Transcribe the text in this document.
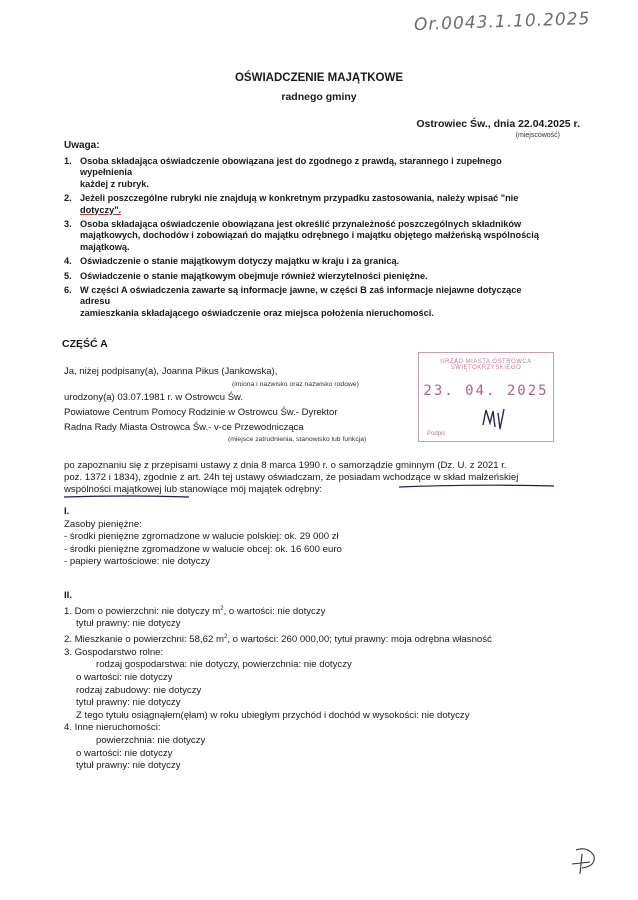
Or.0043.1.10.2025
OŚWIADCZENIE MAJĄTKOWE
radnego gminy
Ostrowiec Św., dnia 22.04.2025 r.
(miejscowość)
Uwaga:
1. Osoba składająca oświadczenie obowiązana jest do zgodnego z prawdą, starannego i zupełnego
wypełnienia
każdej z rubryk.
2. Jeżeli poszczególne rubryki nie znajdują w konkretnym przypadku zastosowania, należy wpisać "nie
dotyczy".
3. Osoba składająca oświadczenie obowiązana jest określić przynależność poszczególnych składników
majątkowych, dochodów i zobowiązań do majątku odrębnego i majątku objętego małżeńską wspólnością
majątkową.
4. Oświadczenie o stanie majątkowym dotyczy majątku w kraju i za granicą.
5. Oświadczenie o stanie majątkowym obejmuje również wierzytelności pieniężne.
6. W części A oświadczenia zawarte są informacje jawne, w części B zaś informacje niejawne dotyczące
adresu
zamieszkania składającego oświadczenie oraz miejsca położenia nieruchomości.
CZĘŚĆ A
Ja, niżej podpisany(a), Joanna Pikus (Jankowska),
(imiona i nazwisko oraz nazwisko rodowe)
urodzony(a) 03.07.1981 r. w Ostrowcu Św.
Powiatowe Centrum Pomocy Rodzinie w Ostrowcu Św.- Dyrektor
Radna Rady Miasta Ostrowca Św.- v-ce Przewodnicząca
(miejsce zatrudnienia, stanowisko lub funkcja)
URZĄD MIASTA OSTROWCA ŚWIĘTOKRZYSKIEGO
23. 04. 2025
Podpis
po zapoznaniu się z przepisami ustawy z dnia 8 marca 1990 r. o samorządzie gminnym (Dz. U. z 2021 r.
poz. 1372 i 1834), zgodnie z art. 24h tej ustawy oświadczam, że posiadam wchodzące w skład małżeńskiej
wspólności majątkowej lub stanowiące mój majątek odrębny:
I.
Zasoby pieniężne:
- środki pieniężne zgromadzone w walucie polskiej: ok. 29 000 zł
- środki pieniężne zgromadzone w walucie obcej: ok. 16 600 euro
- papiery wartościowe: nie dotyczy
II.
1. Dom o powierzchni: nie dotyczy $m^2$, o wartości: nie dotyczy
tytuł prawny: nie dotyczy
2. Mieszkanie o powierzchni: 58,62 $m^2$, o wartości: 260 000,00; tytuł prawny: moja odrębna własność
3. Gospodarstwo rolne:
rodzaj gospodarstwa: nie dotyczy, powierzchnia: nie dotyczy
o wartości: nie dotyczy
rodzaj zabudowy: nie dotyczy
tytuł prawny: nie dotyczy
Z tego tytułu osiągnąłem(ęłam) w roku ubiegłym przychód i dochód w wysokości: nie dotyczy
4. Inne nieruchomości:
powierzchnia: nie dotyczy
o wartości: nie dotyczy
tytuł prawny: nie dotyczy
